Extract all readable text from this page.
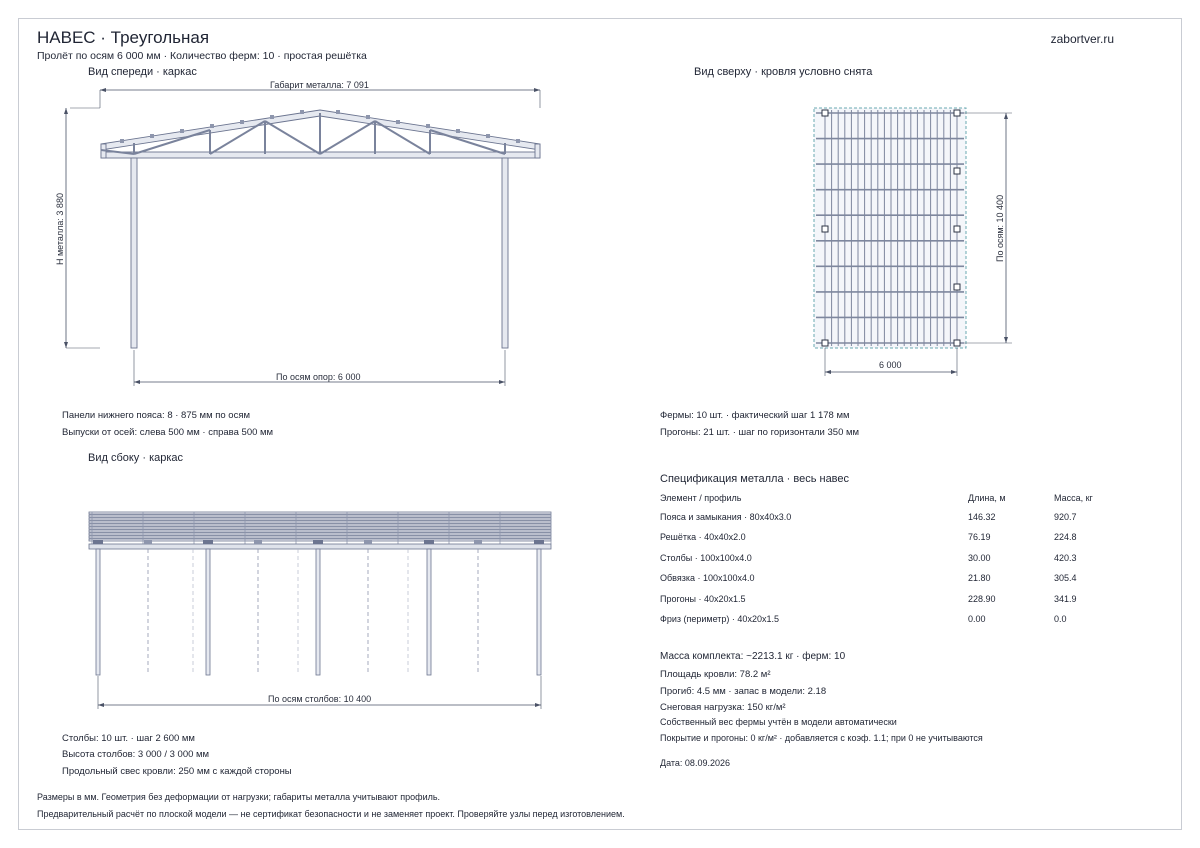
НАВЕС · Треугольная
Пролёт по осям 6 000 мм · Количество ферм: 10 · простая решётка
zabortver.ru
Вид спереди · каркас	Вид сверху · кровля условно снята
Вид сбоку · каркас
Габарит металла: 7 091
H металла: 3 880
По осям опор: 6 000
Панели нижнего пояса: 8 · 875 мм по осям
Выпуски от осей: слева 500 мм · справа 500 мм
По осям: 10 400
6 000
Фермы: 10 шт. · фактический шаг 1 178 мм
Прогоны: 21 шт. · шаг по горизонтали 350 мм
По осям столбов: 10 400
Столбы: 10 шт. · шаг 2 600 мм
Высота столбов: 3 000 / 3 000 мм
Продольный свес кровли: 250 мм с каждой стороны
Спецификация металла · весь навес
Элемент / профиль	Длина, м	Масса, кг
Пояса и замыкания · 80x40x3.0	146.32	920.7
Решётка · 40x40x2.0	76.19	224.8
Столбы · 100x100x4.0	30.00	420.3
Обвязка · 100x100x4.0	21.80	305.4
Прогоны · 40x20x1.5	228.90	341.9
Фриз (периметр) · 40x20x1.5	0.00	0.0
Масса комплекта: ~2213.1 кг · ферм: 10
Площадь кровли: 78.2 м²
Прогиб: 4.5 мм · запас в модели: 2.18
Снеговая нагрузка: 150 кг/м²
Собственный вес фермы учтён в модели автоматически
Покрытие и прогоны: 0 кг/м² · добавляется с коэф. 1.1; при 0 не учитываются
Дата: 08.09.2026
Размеры в мм. Геометрия без деформации от нагрузки; габариты металла учитывают профиль.
Предварительный расчёт по плоской модели — не сертификат безопасности и не заменяет проект. Проверяйте узлы перед изготовлением.
